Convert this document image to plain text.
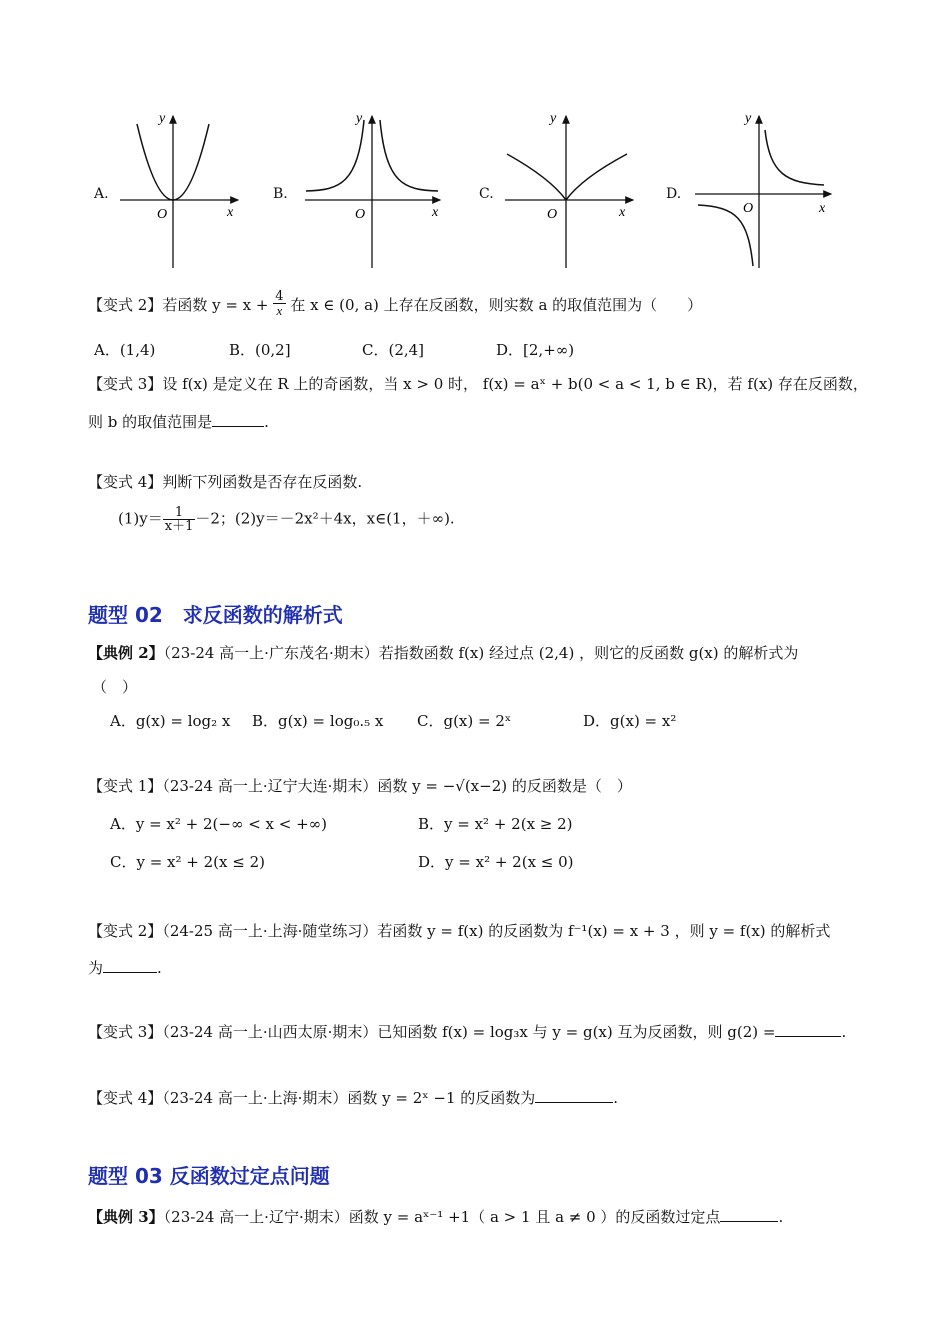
A.	B.	C.	D.
y
x
O
y
x
O
y
x
O
y
x
O
【变式 2】若函数 $y = x + \frac{4}{x}$ 在 x ∈ (0, a) 上存在反函数，则实数 a 的取值范围为（　　）
A．(1,4)	B．(0,2]	C．(2,4]	D．[2,+∞)
【变式 3】设 f(x) 是定义在 R 上的奇函数，当 x > 0 时， f(x) = aˣ + b(0 < a < 1, b ∈ R)，若 f(x) 存在反函数，
则 b 的取值范围是	.
【变式 4】判断下列函数是否存在反函数.
$(1)y= \frac{1}{x+1} -2$；(2)y＝－2x²＋4x，x∈(1，＋∞).
题型 02　求反函数的解析式
【典例 2】（23-24 高一上·广东茂名·期末）若指数函数 f(x) 经过点 (2,4) ，则它的反函数 g(x) 的解析式为
（　）
A．g(x) = log₂ x B．g(x) = log₀.₅ x C．g(x) = 2ˣ	D．g(x) = x²
【变式 1】（23-24 高一上·辽宁大连·期末）函数 y = −√(x−2) 的反函数是（　）
A．y = x² + 2(−∞ < x < +∞)	B．y = x² + 2(x ≥ 2)
C．y = x² + 2(x ≤ 2)	D．y = x² + 2(x ≤ 0)
【变式 2】（24-25 高一上·上海·随堂练习）若函数 y = f(x) 的反函数为 f⁻¹(x) = x + 3 ，则 y = f(x) 的解析式
为	.
【变式 3】（23-24 高一上·山西太原·期末）已知函数 f(x) = log₃x 与 y = g(x) 互为反函数，则 g(2) =	.
【变式 4】（23-24 高一上·上海·期末）函数 y = 2ˣ −1 的反函数为	.
题型 03 反函数过定点问题
【典例 3】（23-24 高一上·辽宁·期末）函数 y = aˣ⁻¹ +1（ a > 1 且 a ≠ 0 ）的反函数过定点	.
